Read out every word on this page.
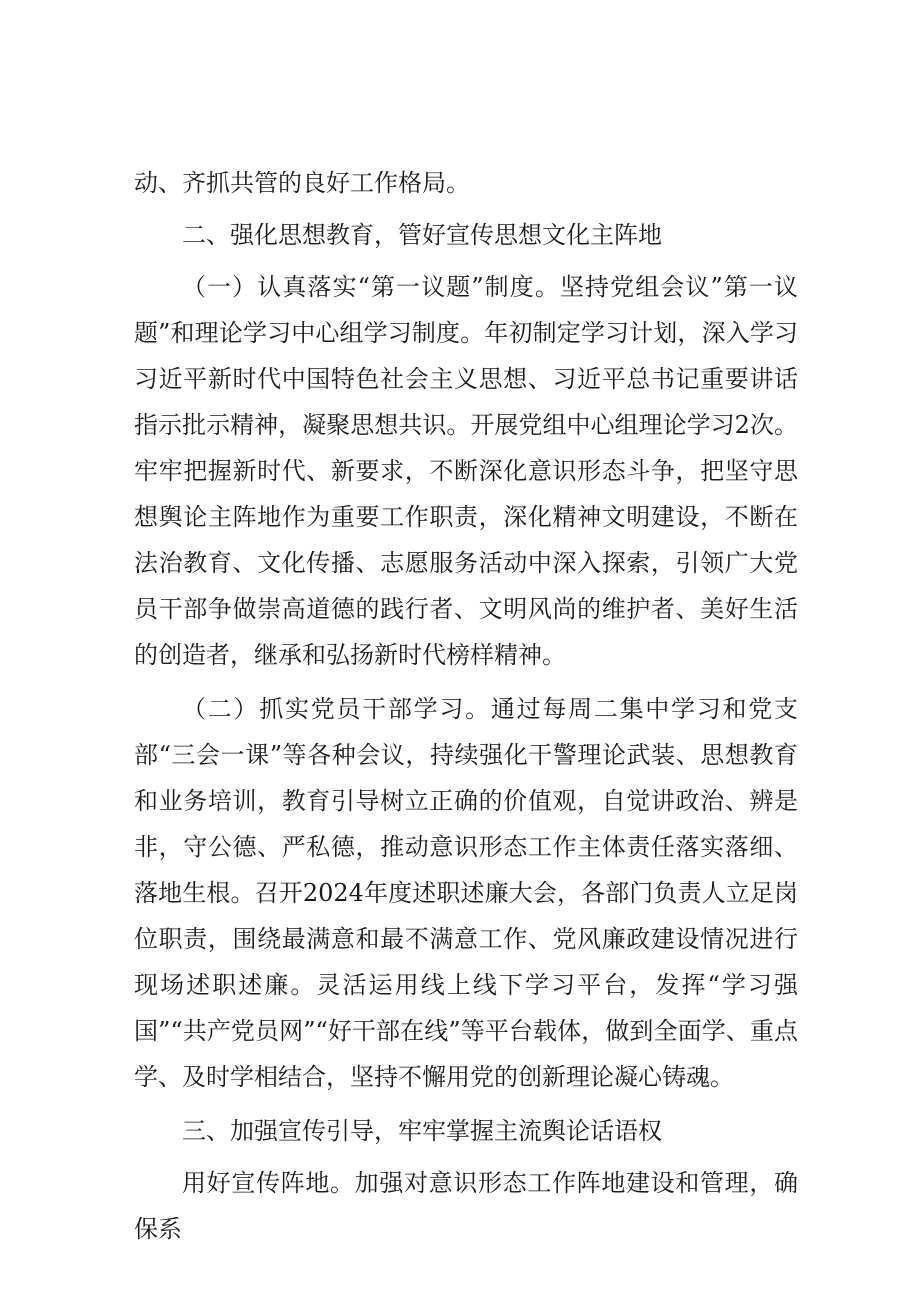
动、齐抓共管的良好工作格局。

二、强化思想教育，管好宣传思想文化主阵地

（一）认真落实“第一议题”制度。坚持党组会议”第一议题”和理论学习中心组学习制度。年初制定学习计划，深入学习习近平新时代中国特色社会主义思想、习近平总书记重要讲话指示批示精神，凝聚思想共识。开展党组中心组理论学习2次。牢牢把握新时代、新要求，不断深化意识形态斗争，把坚守思想舆论主阵地作为重要工作职责，深化精神文明建设，不断在法治教育、文化传播、志愿服务活动中深入探索，引领广大党员干部争做崇高道德的践行者、文明风尚的维护者、美好生活的创造者，继承和弘扬新时代榜样精神。

（二）抓实党员干部学习。通过每周二集中学习和党支部“三会一课”等各种会议，持续强化干警理论武装、思想教育和业务培训，教育引导树立正确的价值观，自觉讲政治、辨是非，守公德、严私德，推动意识形态工作主体责任落实落细、落地生根。召开2024年度述职述廉大会，各部门负责人立足岗位职责，围绕最满意和最不满意工作、党风廉政建设情况进行现场述职述廉。灵活运用线上线下学习平台，发挥“学习强国”“共产党员网”“好干部在线”等平台载体，做到全面学、重点学、及时学相结合，坚持不懈用党的创新理论凝心铸魂。

三、加强宣传引导，牢牢掌握主流舆论话语权

用好宣传阵地。加强对意识形态工作阵地建设和管理，确保系
